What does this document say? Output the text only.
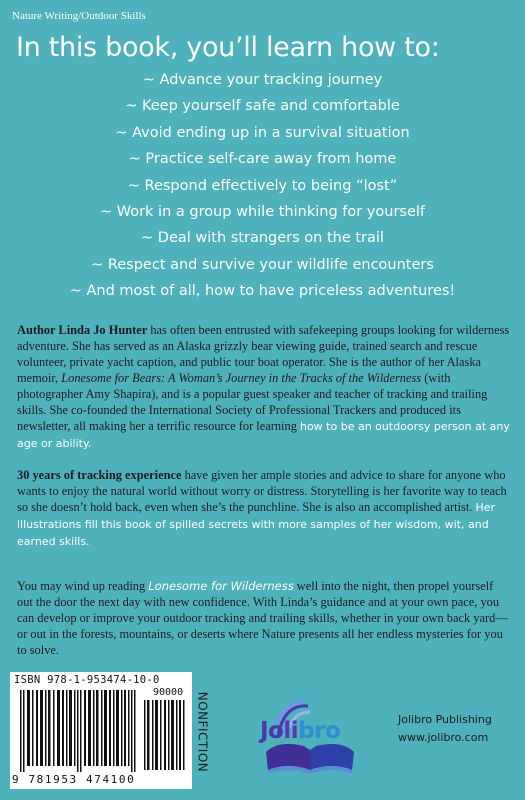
Nature Writing/Outdoor Skills
In this book, you’ll learn how to:
~ Advance your tracking journey
~ Keep yourself safe and comfortable
~ Avoid ending up in a survival situation
~ Practice self-care away from home
~ Respond effectively to being “lost”
~ Work in a group while thinking for yourself
~ Deal with strangers on the trail
~ Respect and survive your wildlife encounters
~ And most of all, how to have priceless adventures!

Author Linda Jo Hunter has often been entrusted with safekeeping groups looking for wilderness adventure. She has served as an Alaska grizzly bear viewing guide, trained search and rescue volunteer, private yacht caption, and public tour boat operator. She is the author of her Alaska memoir, Lonesome for Bears: A Woman’s Journey in the Tracks of the Wilderness (with photographer Amy Shapira), and is a popular guest speaker and teacher of tracking and trailing skills. She co-founded the International Society of Professional Trackers and produced its newsletter, all making her a terrific resource for learning how to be an outdoorsy person at any age or ability.

30 years of tracking experience have given her ample stories and advice to share for anyone who wants to enjoy the natural world without worry or distress. Storytelling is her favorite way to teach so she doesn’t hold back, even when she’s the punchline. She is also an accomplished artist. Her illustrations fill this book of spilled secrets with more samples of her wisdom, wit, and earned skills.

You may wind up reading Lonesome for Wilderness well into the night, then propel yourself out the door the next day with new confidence. With Linda’s guidance and at your own pace, you can develop or improve your outdoor tracking and trailing skills, whether in your own back yard—or out in the forests, mountains, or deserts where Nature presents all her endless mysteries for you to solve.

ISBN 978-1-953474-10-0
90000
9 781953 474100
NONFICTION Jolibro	Jolibro Publishing
www.jolibro.com
